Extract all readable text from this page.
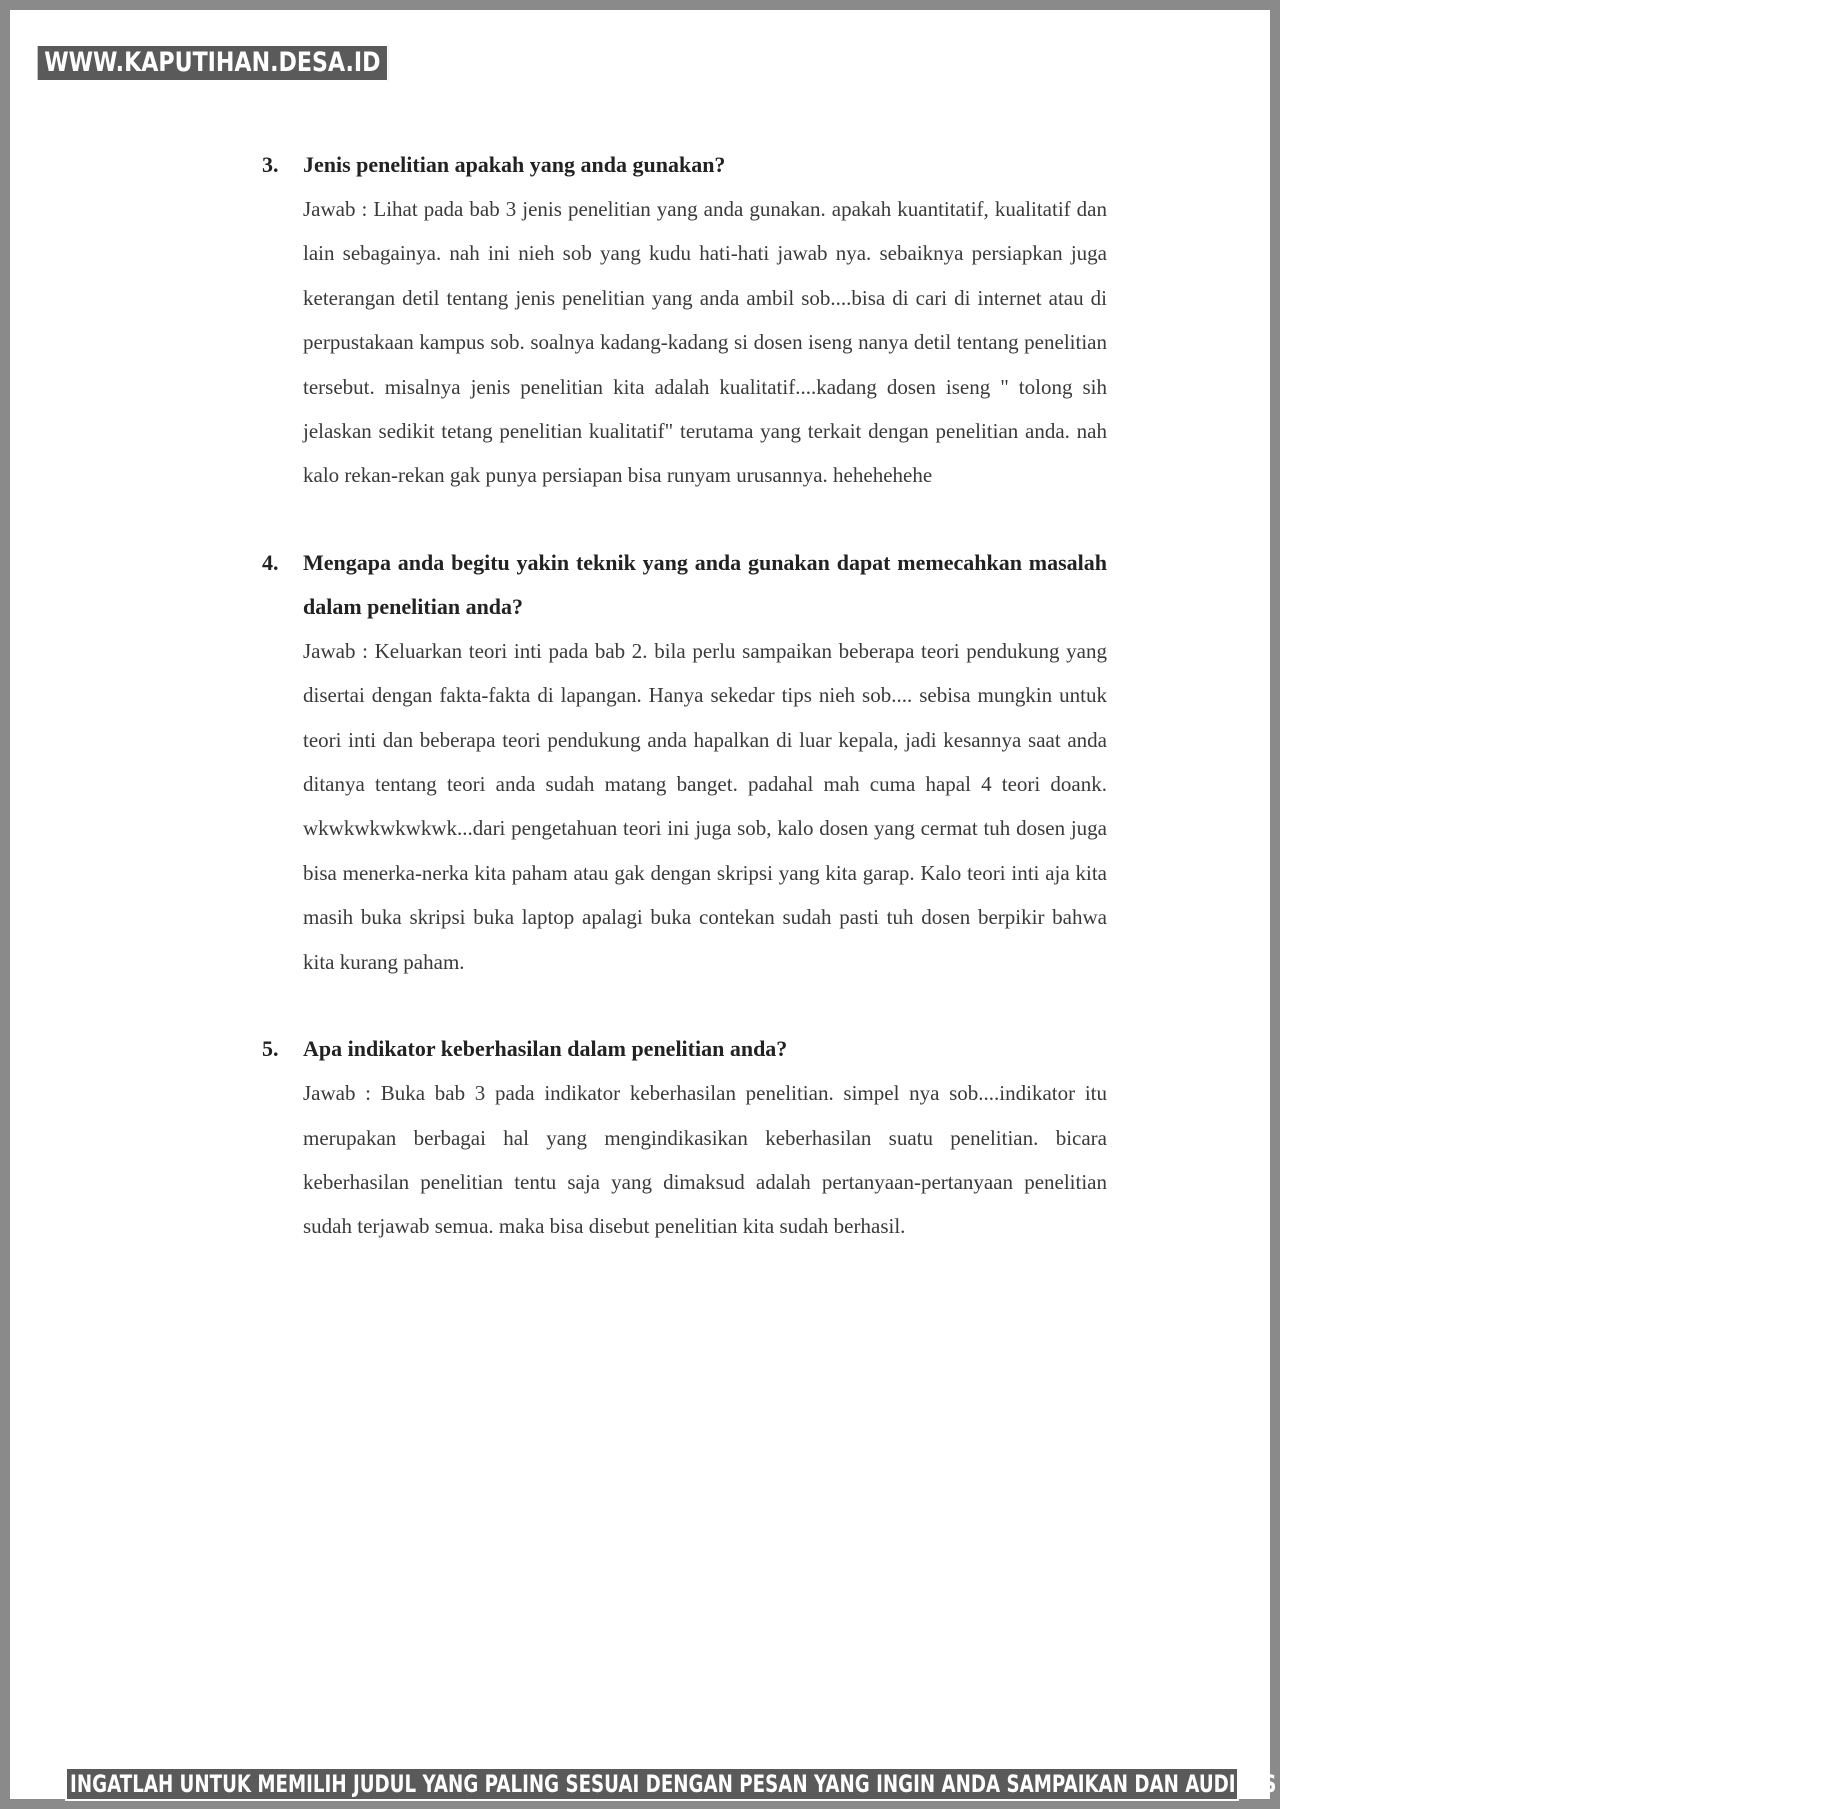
WWW.KAPUTIHAN.DESA.ID

3. Jenis penelitian apakah yang anda gunakan?

Jawab : Lihat pada bab 3 jenis penelitian yang anda gunakan. apakah kuantitatif, kualitatif dan lain sebagainya. nah ini nieh sob yang kudu hati-hati jawab nya. sebaiknya persiapkan juga keterangan detil tentang jenis penelitian yang anda ambil sob....bisa di cari di internet atau di perpustakaan kampus sob. soalnya kadang-kadang si dosen iseng nanya detil tentang penelitian tersebut. misalnya jenis penelitian kita adalah kualitatif....kadang dosen iseng " tolong sih jelaskan sedikit tetang penelitian kualitatif" terutama yang terkait dengan penelitian anda. nah kalo rekan-rekan gak punya persiapan bisa runyam urusannya. hehehehehe

4. Mengapa anda begitu yakin teknik yang anda gunakan dapat memecahkan masalah dalam penelitian anda?

Jawab : Keluarkan teori inti pada bab 2. bila perlu sampaikan beberapa teori pendukung yang disertai dengan fakta-fakta di lapangan. Hanya sekedar tips nieh sob.... sebisa mungkin untuk teori inti dan beberapa teori pendukung anda hapalkan di luar kepala, jadi kesannya saat anda ditanya tentang teori anda sudah matang banget. padahal mah cuma hapal 4 teori doank. wkwkwkwkwkwk...dari pengetahuan teori ini juga sob, kalo dosen yang cermat tuh dosen juga bisa menerka-nerka kita paham atau gak dengan skripsi yang kita garap. Kalo teori inti aja kita masih buka skripsi buka laptop apalagi buka contekan sudah pasti tuh dosen berpikir bahwa kita kurang paham.

5. Apa indikator keberhasilan dalam penelitian anda?

Jawab : Buka bab 3 pada indikator keberhasilan penelitian. simpel nya sob....indikator itu merupakan berbagai hal yang mengindikasikan keberhasilan suatu penelitian. bicara keberhasilan penelitian tentu saja yang dimaksud adalah pertanyaan-pertanyaan penelitian sudah terjawab semua. maka bisa disebut penelitian kita sudah berhasil.

INGATLAH UNTUK MEMILIH JUDUL YANG PALING SESUAI DENGAN PESAN YANG INGIN ANDA SAMPAIKAN DAN AUDIENS YANG DITUJU
